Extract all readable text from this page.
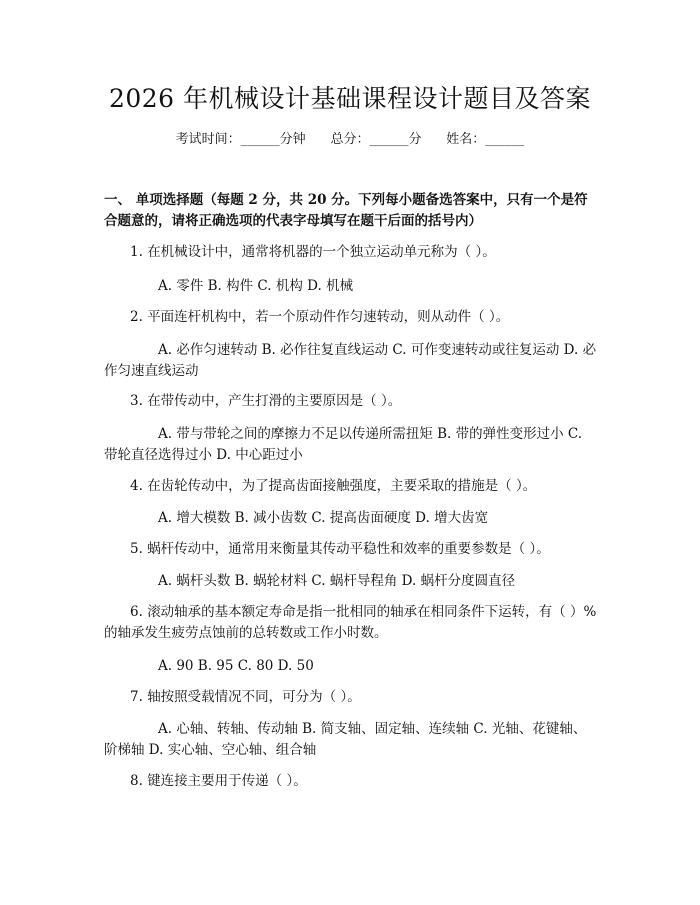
2026 年机械设计基础课程设计题目及答案
考试时间：______分钟 总分：______分 姓名：______
一、 单项选择题（每题 2 分，共 20 分。下列每小题备选答案中，只有一个是符合题意的，请将正确选项的代表字母填写在题干后面的括号内）
1. 在机械设计中，通常将机器的一个独立运动单元称为（ ）。
A. 零件 B. 构件 C. 机构 D. 机械
2. 平面连杆机构中，若一个原动件作匀速转动，则从动件（ ）。
A. 必作匀速转动 B. 必作往复直线运动 C. 可作变速转动或往复运动 D. 必作匀速直线运动
3. 在带传动中，产生打滑的主要原因是（ ）。
A. 带与带轮之间的摩擦力不足以传递所需扭矩 B. 带的弹性变形过小 C. 带轮直径选得过小 D. 中心距过小
4. 在齿轮传动中，为了提高齿面接触强度，主要采取的措施是（ ）。
A. 增大模数 B. 减小齿数 C. 提高齿面硬度 D. 增大齿宽
5. 蜗杆传动中，通常用来衡量其传动平稳性和效率的重要参数是（ ）。
A. 蜗杆头数 B. 蜗轮材料 C. 蜗杆导程角 D. 蜗杆分度圆直径
6. 滚动轴承的基本额定寿命是指一批相同的轴承在相同条件下运转，有（ ）%的轴承发生疲劳点蚀前的总转数或工作小时数。
A. 90 B. 95 C. 80 D. 50
7. 轴按照受载情况不同，可分为（ ）。
A. 心轴、转轴、传动轴 B. 简支轴、固定轴、连续轴 C. 光轴、花键轴、阶梯轴 D. 实心轴、空心轴、组合轴
8. 键连接主要用于传递（ ）。
